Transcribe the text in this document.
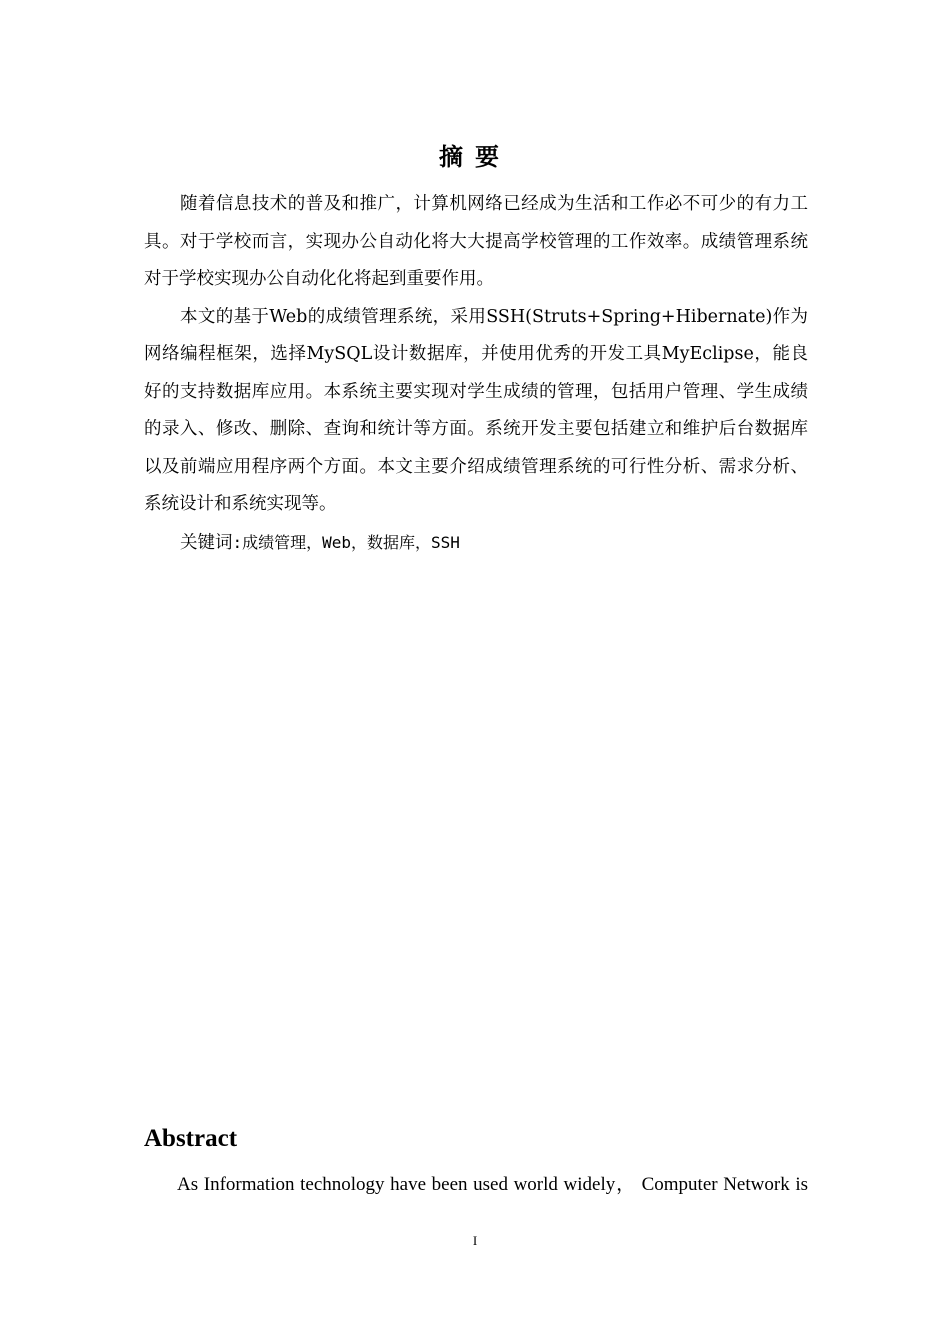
摘要

随着信息技术的普及和推广，计算机网络已经成为生活和工作必不可少的有力工具。对于学校而言，实现办公自动化将大大提高学校管理的工作效率。成绩管理系统对于学校实现办公自动化化将起到重要作用。

本文的基于Web的成绩管理系统，采用SSH(Struts+Spring+Hibernate)作为网络编程框架，选择MySQL设计数据库，并使用优秀的开发工具MyEclipse，能良好的支持数据库应用。本系统主要实现对学生成绩的管理，包括用户管理、学生成绩的录入、修改、删除、查询和统计等方面。系统开发主要包括建立和维护后台数据库以及前端应用程序两个方面。本文主要介绍成绩管理系统的可行性分析、需求分析、系统设计和系统实现等。

关键词:成绩管理，Web，数据库，SSH

Abstract
As Information technology have been used world widely， Computer Network is
I
